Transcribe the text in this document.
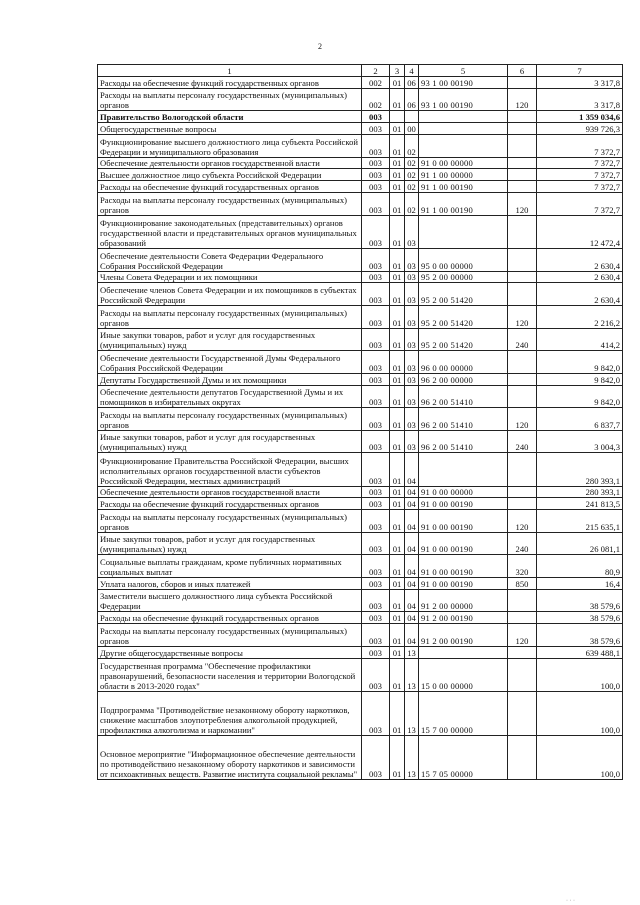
2
1	2	3	4	5	6	7
Расходы на обеспечение функций государственных органов	002	01	06	93 1 00 00190		3 317,8
Расходы на выплаты персоналу государственных (муниципальных) органов	002	01	06	93 1 00 00190	120	3 317,8
Правительство Вологодской области	003					1 359 034,6
Общегосударственные вопросы	003	01	00			939 726,3
Функционирование высшего должностного лица субъекта Российской Федерации и муниципального образования	003	01	02			7 372,7
Обеспечение деятельности органов государственной власти	003	01	02	91 0 00 00000		7 372,7
Высшее должностное лицо субъекта Российской Федерации	003	01	02	91 1 00 00000		7 372,7
Расходы на обеспечение функций государственных органов	003	01	02	91 1 00 00190		7 372,7
Расходы на выплаты персоналу государственных (муниципальных) органов	003	01	02	91 1 00 00190	120	7 372,7
Функционирование законодательных (представительных) органов государственной власти и представительных органов муниципальных образований	003	01	03			12 472,4
Обеспечение деятельности Совета Федерации Федерального Собрания Российской Федерации	003	01	03	95 0 00 00000		2 630,4
Члены Совета Федерации и их помощники	003	01	03	95 2 00 00000		2 630,4
Обеспечение членов Совета Федерации и их помощников в субъектах Российской Федерации	003	01	03	95 2 00 51420		2 630,4
Расходы на выплаты персоналу государственных (муниципальных) органов	003	01	03	95 2 00 51420	120	2 216,2
Иные закупки товаров, работ и услуг для государственных (муниципальных) нужд	003	01	03	95 2 00 51420	240	414,2
Обеспечение деятельности Государственной Думы Федерального Собрания Российской Федерации	003	01	03	96 0 00 00000		9 842,0
Депутаты Государственной Думы и их помощники	003	01	03	96 2 00 00000		9 842,0
Обеспечение деятельности депутатов Государственной Думы и их помощников в избирательных округах	003	01	03	96 2 00 51410		9 842,0
Расходы на выплаты персоналу государственных (муниципальных) органов	003	01	03	96 2 00 51410	120	6 837,7
Иные закупки товаров, работ и услуг для государственных (муниципальных) нужд	003	01	03	96 2 00 51410	240	3 004,3
Функционирование Правительства Российской Федерации, высших исполнительных органов государственной власти субъектов Российской Федерации, местных администраций	003	01	04			280 393,1
Обеспечение деятельности органов государственной власти	003	01	04	91 0 00 00000		280 393,1
Расходы на обеспечение функций государственных органов	003	01	04	91 0 00 00190		241 813,5
Расходы на выплаты персоналу государственных (муниципальных) органов	003	01	04	91 0 00 00190	120	215 635,1
Иные закупки товаров, работ и услуг для государственных (муниципальных) нужд	003	01	04	91 0 00 00190	240	26 081,1
Социальные выплаты гражданам, кроме публичных нормативных социальных выплат	003	01	04	91 0 00 00190	320	80,9
Уплата налогов, сборов и иных платежей	003	01	04	91 0 00 00190	850	16,4
Заместители высшего должностного лица субъекта Российской Федерации	003	01	04	91 2 00 00000		38 579,6
Расходы на обеспечение функций государственных органов	003	01	04	91 2 00 00190		38 579,6
Расходы на выплаты персоналу государственных (муниципальных) органов	003	01	04	91 2 00 00190	120	38 579,6
Другие общегосударственные вопросы	003	01	13			639 488,1
Государственная программа "Обеспечение профилактики правонарушений, безопасности населения и территории Вологодской области в 2013-2020 годах"	003	01	13	15 0 00 00000		100,0
Подпрограмма "Противодействие незаконному обороту наркотиков, снижение масштабов злоупотребления алкогольной продукцией, профилактика алкоголизма и наркомании"	003	01	13	15 7 00 00000		100,0
Основное мероприятие "Информационное обеспечение деятельности по противодействию незаконному обороту наркотиков и зависимости от психоактивных веществ. Развитие института социальной рекламы"	003	01	13	15 7 05 00000		100,0
· · ·
